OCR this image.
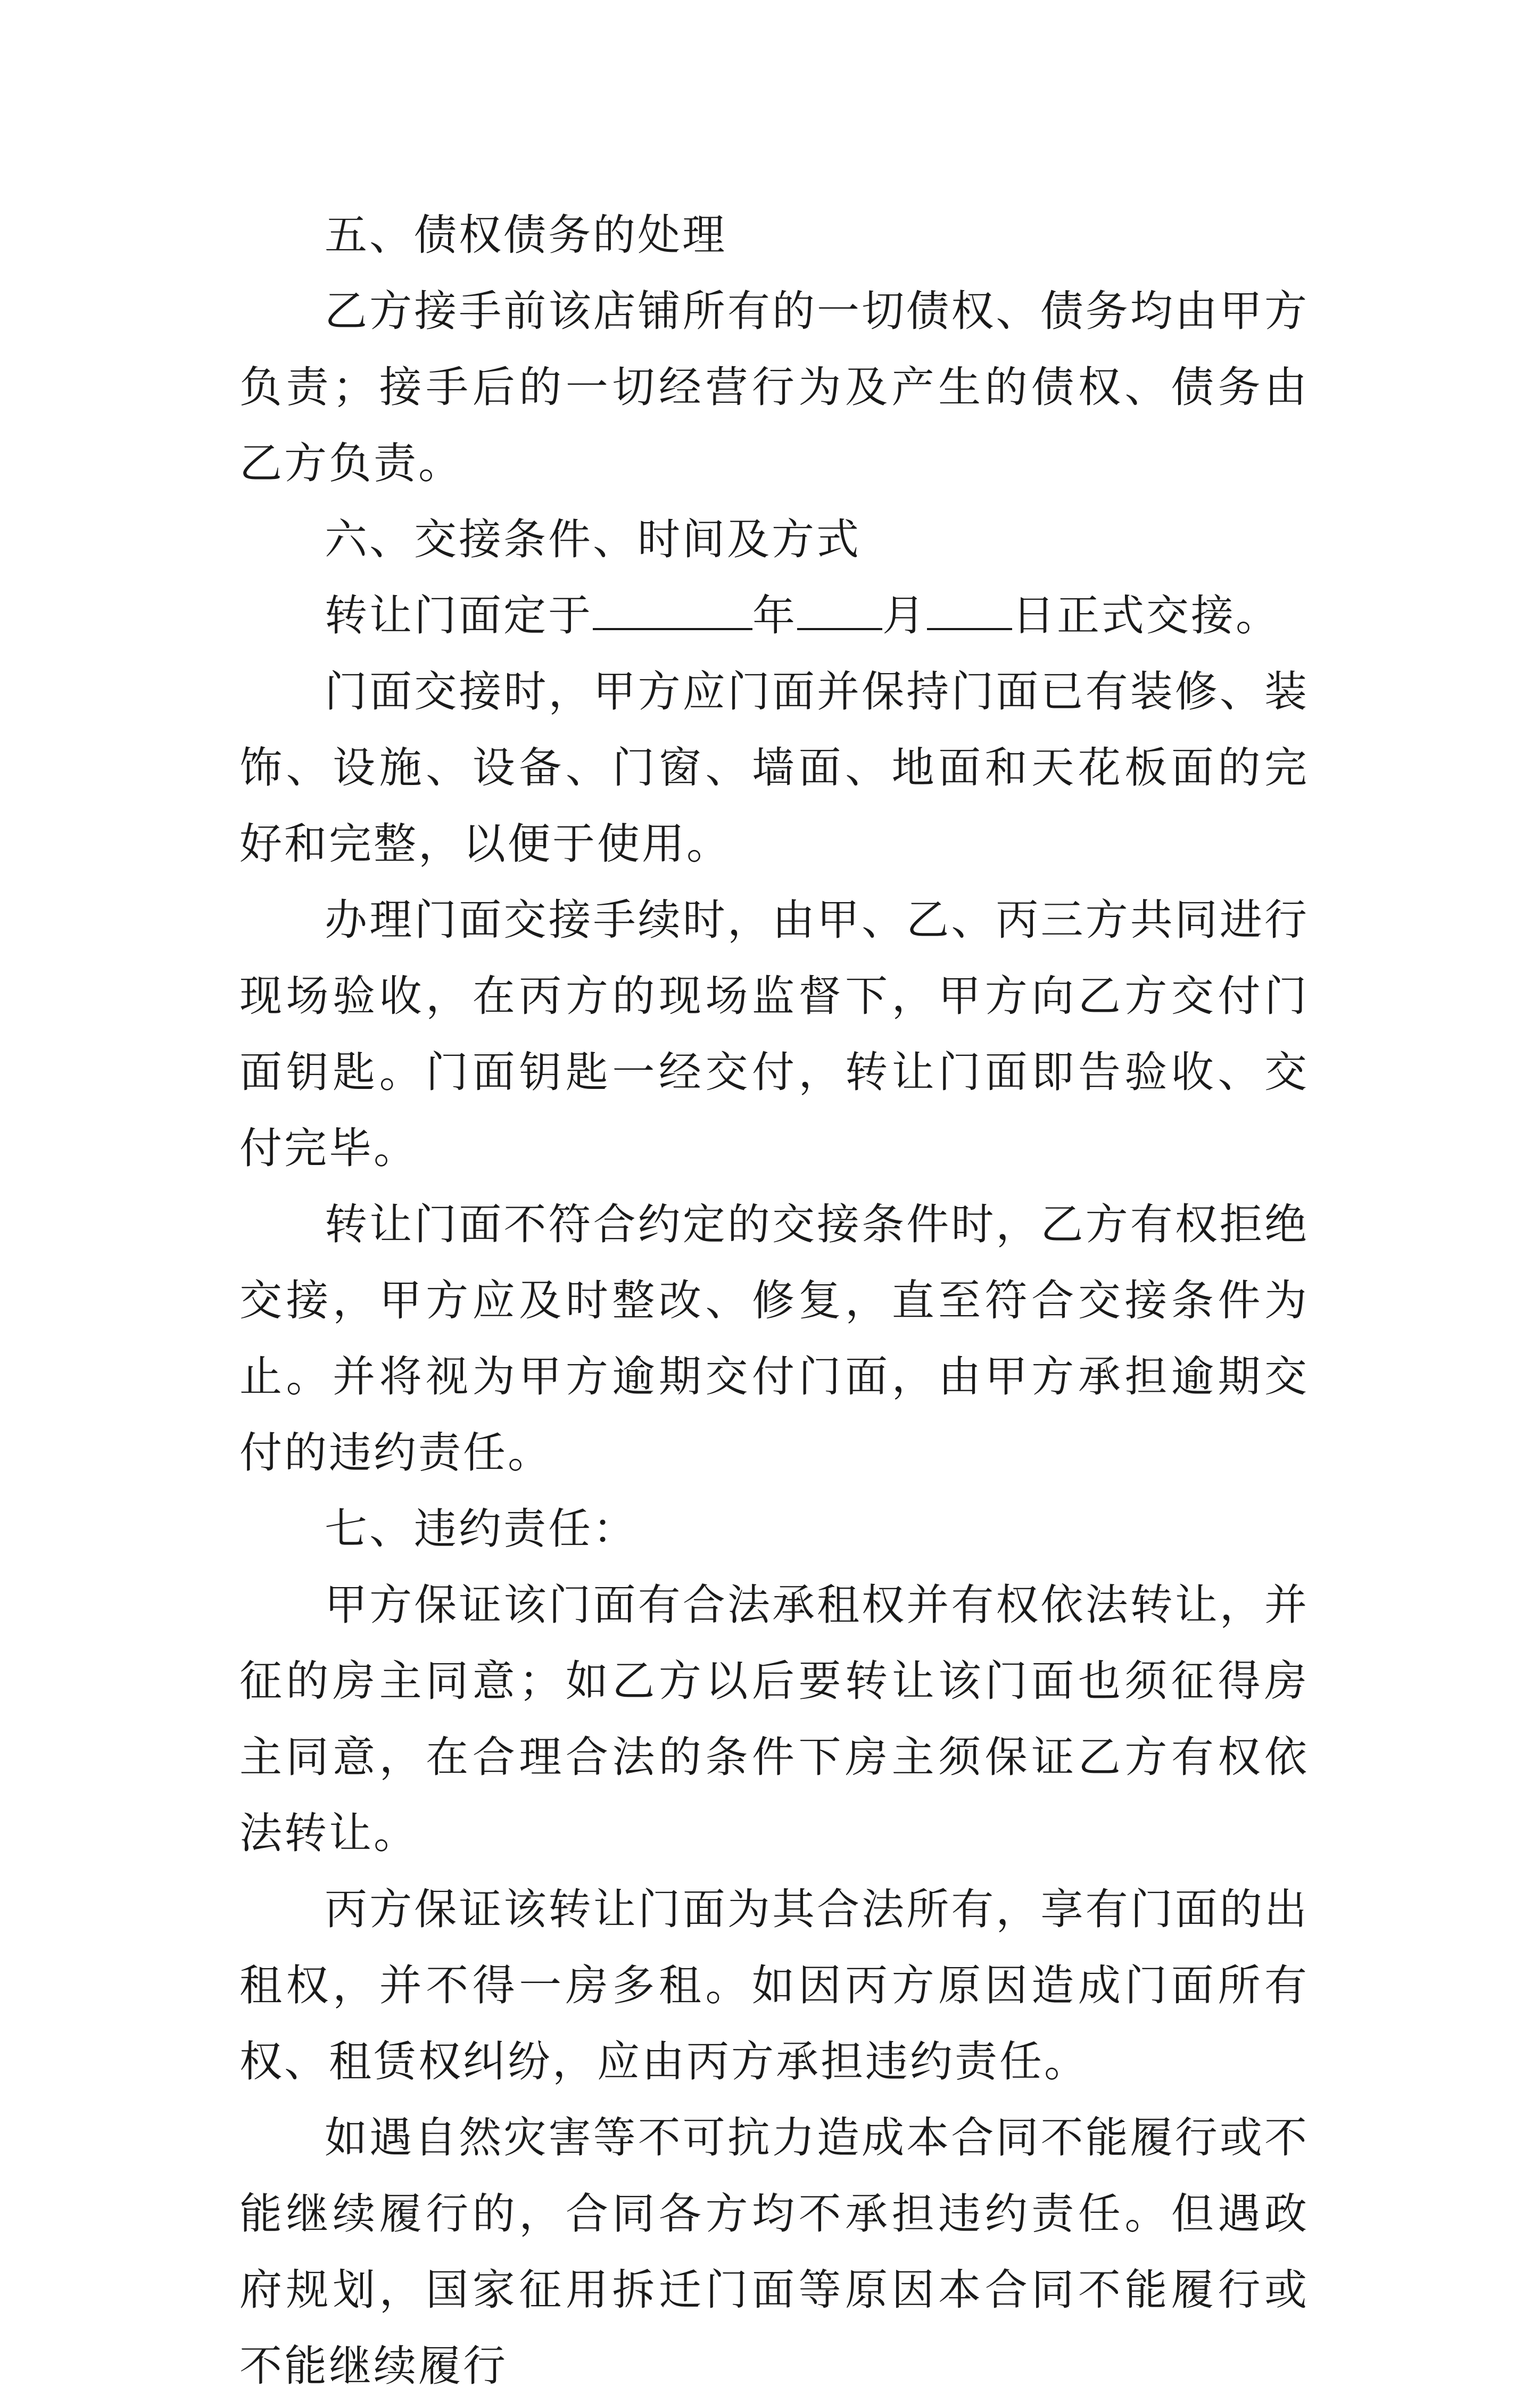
五、债权债务的处理

乙方接手前该店铺所有的一切债权、债务均由甲方负责；接手后的一切经营行为及产生的债权、债务由乙方负责。

六、交接条件、时间及方式

转让门面定于	年 月 日正式交接。

门面交接时，甲方应门面并保持门面已有装修、装饰、设施、设备、门窗、墙面、地面和天花板面的完好和完整，以便于使用。

办理门面交接手续时，由甲、乙、丙三方共同进行现场验收，在丙方的现场监督下，甲方向乙方交付门面钥匙。门面钥匙一经交付，转让门面即告验收、交付完毕。

转让门面不符合约定的交接条件时，乙方有权拒绝交接，甲方应及时整改、修复，直至符合交接条件为止。并将视为甲方逾期交付门面，由甲方承担逾期交付的违约责任。

七、违约责任：

甲方保证该门面有合法承租权并有权依法转让，并征的房主同意；如乙方以后要转让该门面也须征得房主同意，在合理合法的条件下房主须保证乙方有权依法转让。

丙方保证该转让门面为其合法所有，享有门面的出租权，并不得一房多租。如因丙方原因造成门面所有权、租赁权纠纷，应由丙方承担违约责任。

如遇自然灾害等不可抗力造成本合同不能履行或不能继续履行的，合同各方均不承担违约责任。但遇政府规划，国家征用拆迁门面等原因本合同不能履行或不能继续履行
